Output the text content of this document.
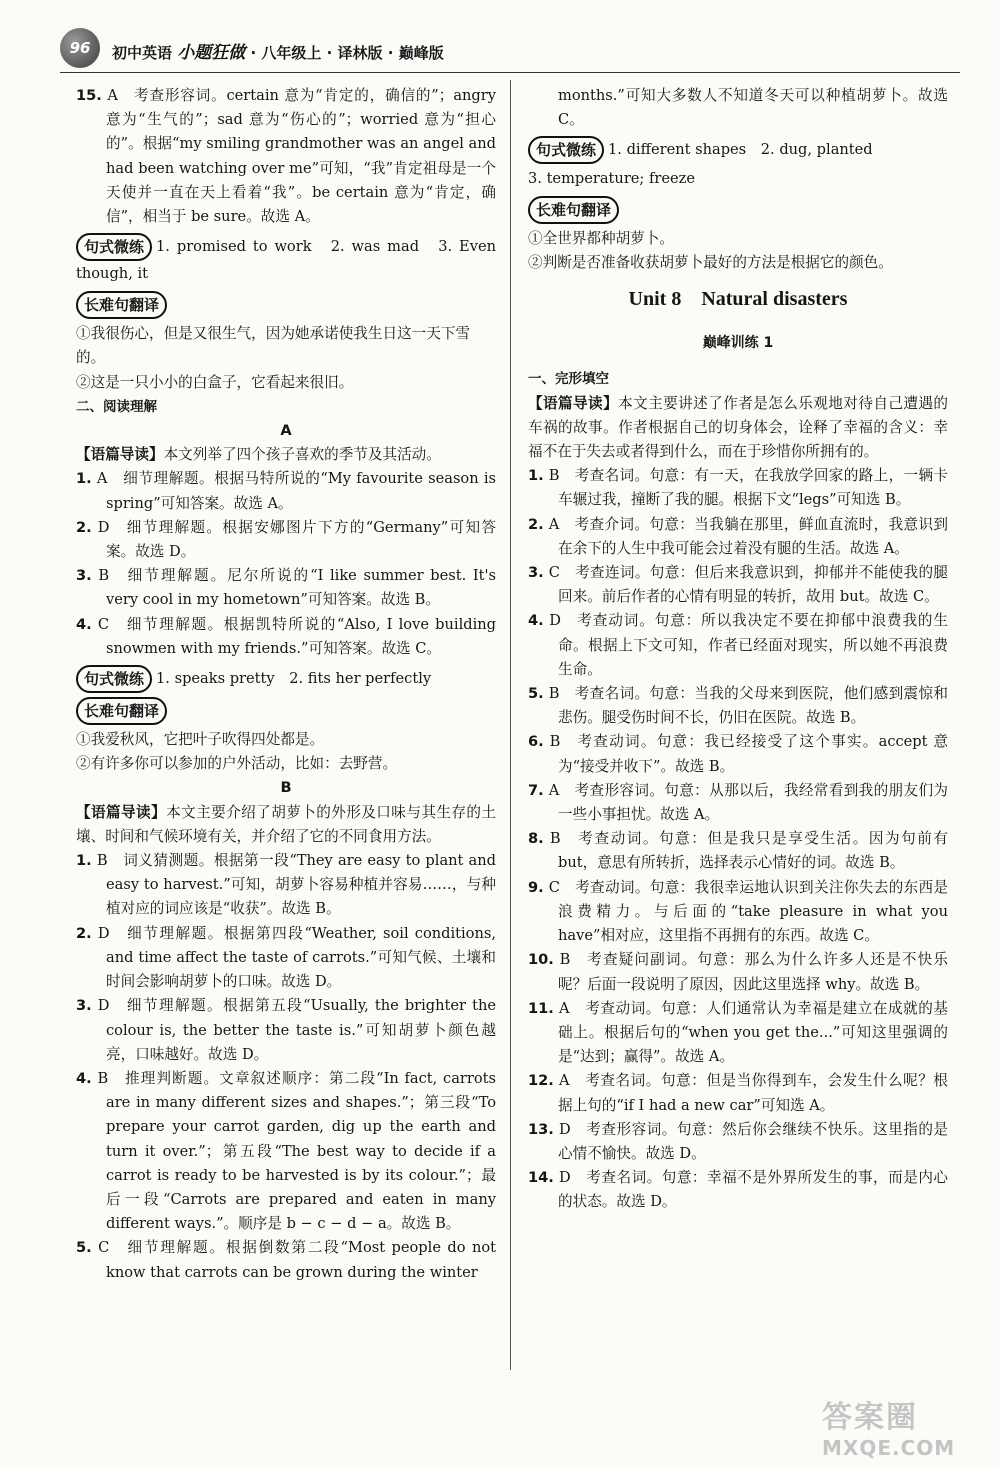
96	初中英语 小题狂做 · 八年级上 · 译林版 · 巅峰版

15. A　考查形容词。certain 意为“肯定的，确信的”；angry 意为“生气的”；sad 意为“伤心的”；worried 意为“担心的”。根据“my smiling grandmother was an angel and had been watching over me”可知，“我”肯定祖母是一个天使并一直在天上看着“我”。be certain 意为“肯定，确信”，相当于 be sure。故选 A。

句式微练 1. promised to work　2. was mad　3. Even though, it

长难句翻译

①我很伤心，但是又很生气，因为她承诺使我生日这一天下雪的。

②这是一只小小的白盒子，它看起来很旧。

二、阅读理解

A

【语篇导读】本文列举了四个孩子喜欢的季节及其活动。

1. A　细节理解题。根据马特所说的“My favourite season is spring”可知答案。故选 A。

2. D　细节理解题。根据安娜图片下方的“Germany”可知答案。故选 D。

3. B　细节理解题。尼尔所说的“I like summer best. It's very cool in my hometown”可知答案。故选 B。

4. C　细节理解题。根据凯特所说的“Also, I love building snowmen with my friends.”可知答案。故选 C。

句式微练 1. speaks pretty　2. fits her perfectly

长难句翻译

①我爱秋风，它把叶子吹得四处都是。

②有许多你可以参加的户外活动，比如：去野营。

B

【语篇导读】本文主要介绍了胡萝卜的外形及口味与其生存的土壤、时间和气候环境有关，并介绍了它的不同食用方法。

1. B　词义猜测题。根据第一段“They are easy to plant and easy to harvest.”可知，胡萝卜容易种植并容易……，与种植对应的词应该是“收获”。故选 B。

2. D　细节理解题。根据第四段“Weather, soil conditions, and time affect the taste of carrots.”可知气候、土壤和时间会影响胡萝卜的口味。故选 D。

3. D　细节理解题。根据第五段“Usually, the brighter the colour is, the better the taste is.”可知胡萝卜颜色越亮，口味越好。故选 D。

4. B　推理判断题。文章叙述顺序：第二段“In fact, carrots are in many different sizes and shapes.”；第三段“To prepare your carrot garden, dig up the earth and turn it over.”；第五段“The best way to decide if a carrot is ready to be harvested is by its colour.”；最后一段“Carrots are prepared and eaten in many different ways.”。顺序是 b − c − d − a。故选 B。

5. C　细节理解题。根据倒数第二段“Most people do not know that carrots can be grown during the winter

months.”可知大多数人不知道冬天可以种植胡萝卜。故选 C。

句式微练 1. different shapes　2. dug, planted

3. temperature; freeze

长难句翻译

①全世界都种胡萝卜。

②判断是否准备收获胡萝卜最好的方法是根据它的颜色。

Unit 8　Natural disasters

巅峰训练 1

一、完形填空

【语篇导读】本文主要讲述了作者是怎么乐观地对待自己遭遇的车祸的故事。作者根据自己的切身体会，诠释了幸福的含义：幸福不在于失去或者得到什么，而在于珍惜你所拥有的。

1. B　考查名词。句意：有一天，在我放学回家的路上，一辆卡车辗过我，撞断了我的腿。根据下文“legs”可知选 B。

2. A　考查介词。句意：当我躺在那里，鲜血直流时，我意识到在余下的人生中我可能会过着没有腿的生活。故选 A。

3. C　考查连词。句意：但后来我意识到，抑郁并不能使我的腿回来。前后作者的心情有明显的转折，故用 but。故选 C。

4. D　考查动词。句意：所以我决定不要在抑郁中浪费我的生命。根据上下文可知，作者已经面对现实，所以她不再浪费生命。

5. B　考查名词。句意：当我的父母来到医院，他们感到震惊和悲伤。腿受伤时间不长，仍旧在医院。故选 B。

6. B　考查动词。句意：我已经接受了这个事实。accept 意为“接受并收下”。故选 B。

7. A　考查形容词。句意：从那以后，我经常看到我的朋友们为一些小事担忧。故选 A。

8. B　考查动词。句意：但是我只是享受生活。因为句前有 but，意思有所转折，选择表示心情好的词。故选 B。

9. C　考查动词。句意：我很幸运地认识到关注你失去的东西是浪费精力。与后面的“take pleasure in what you have”相对应，这里指不再拥有的东西。故选 C。

10. B　考查疑问副词。句意：那么为什么许多人还是不快乐呢？后面一段说明了原因，因此这里选择 why。故选 B。

11. A　考查动词。句意：人们通常认为幸福是建立在成就的基础上。根据后句的“when you get the...”可知这里强调的是“达到；赢得”。故选 A。

12. A　考查名词。句意：但是当你得到车，会发生什么呢？根据上句的“if I had a new car”可知选 A。

13. D　考查形容词。句意：然后你会继续不快乐。这里指的是心情不愉快。故选 D。

14. D　考查名词。句意：幸福不是外界所发生的事，而是内心的状态。故选 D。

答案圈
MXQE.COM
